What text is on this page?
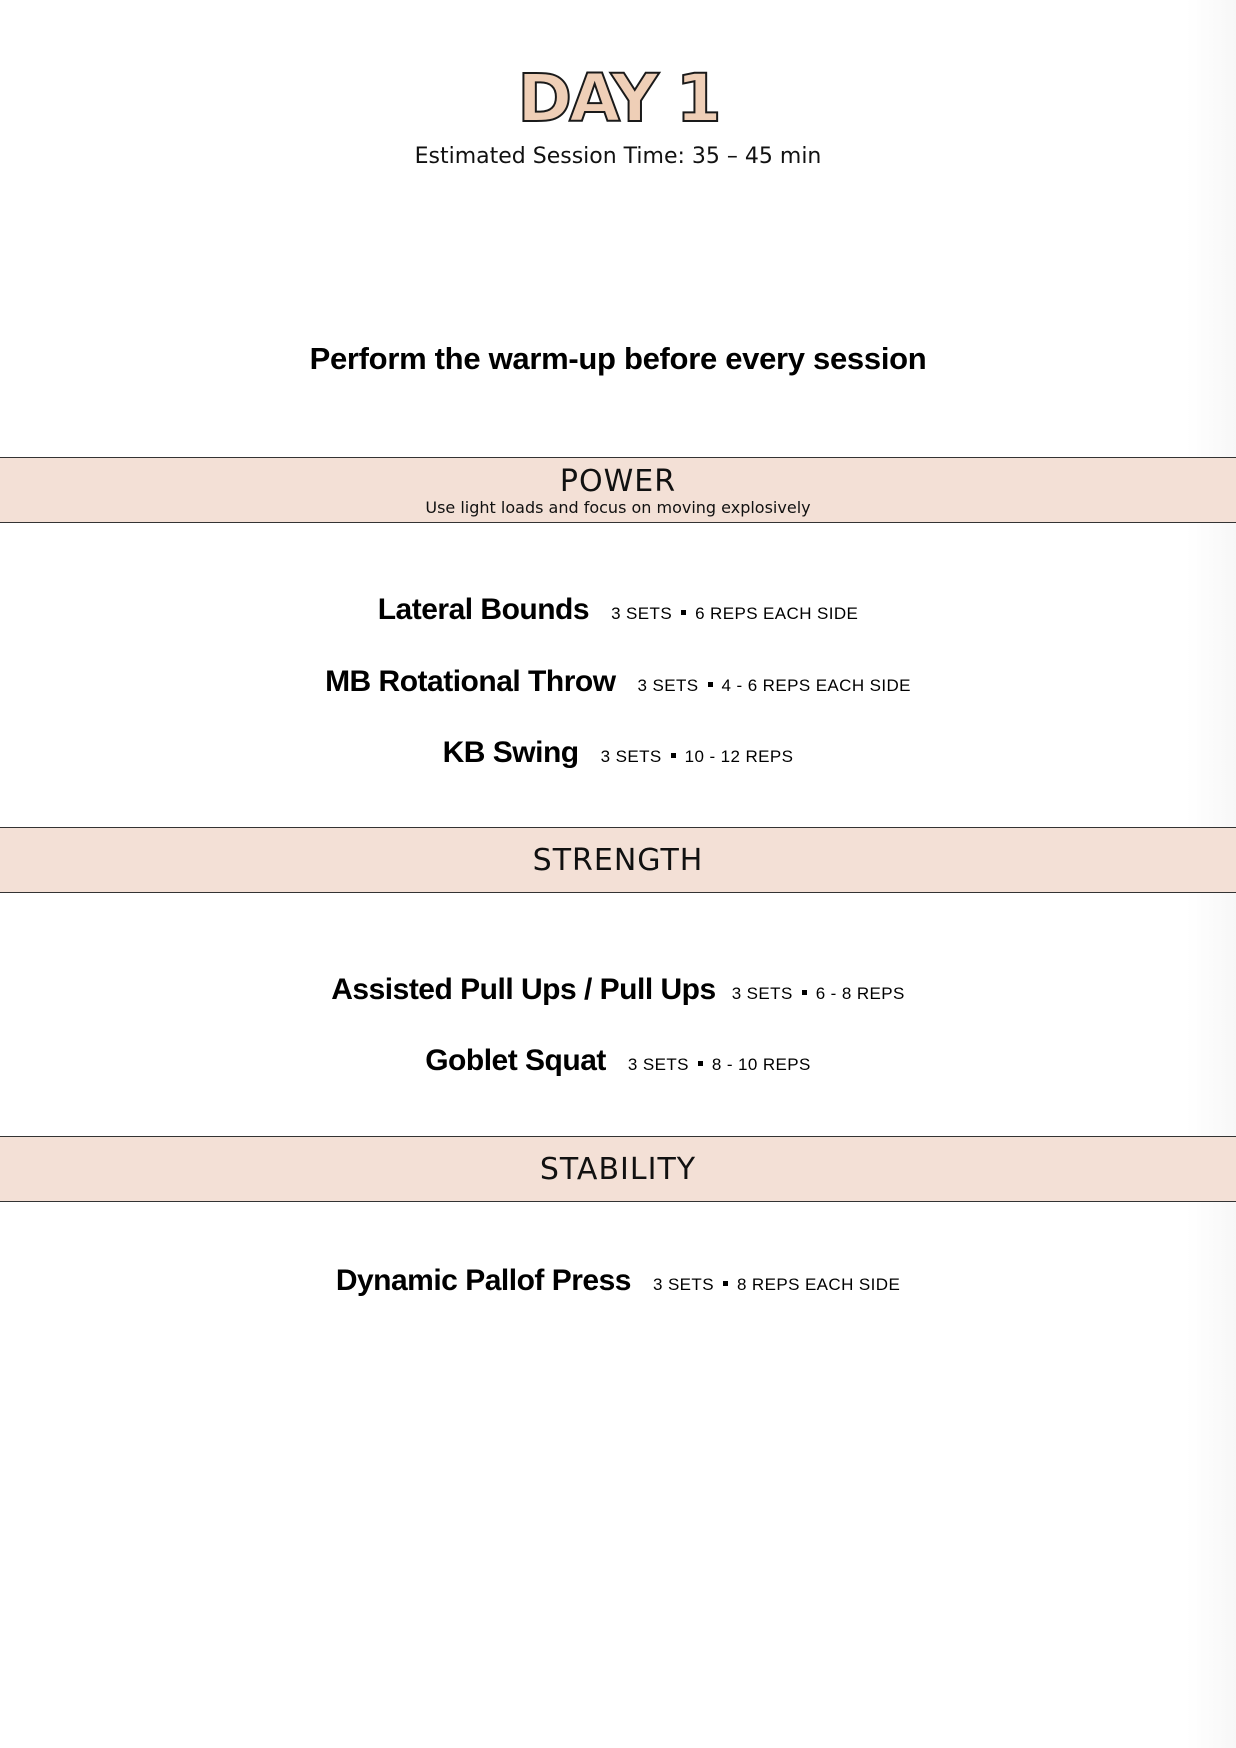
DAY 1
Estimated Session Time: 35 – 45 min
Perform the warm-up before every session
POWER
Use light loads and focus on moving explosively
Lateral Bounds 3 SETS 6 REPS EACH SIDE
MB Rotational Throw 3 SETS 4 - 6 REPS EACH SIDE
KB Swing 3 SETS 10 - 12 REPS
STRENGTH
Assisted Pull Ups / Pull Ups 3 SETS 6 - 8 REPS
Goblet Squat 3 SETS 8 - 10 REPS
STABILITY
Dynamic Pallof Press 3 SETS 8 REPS EACH SIDE
